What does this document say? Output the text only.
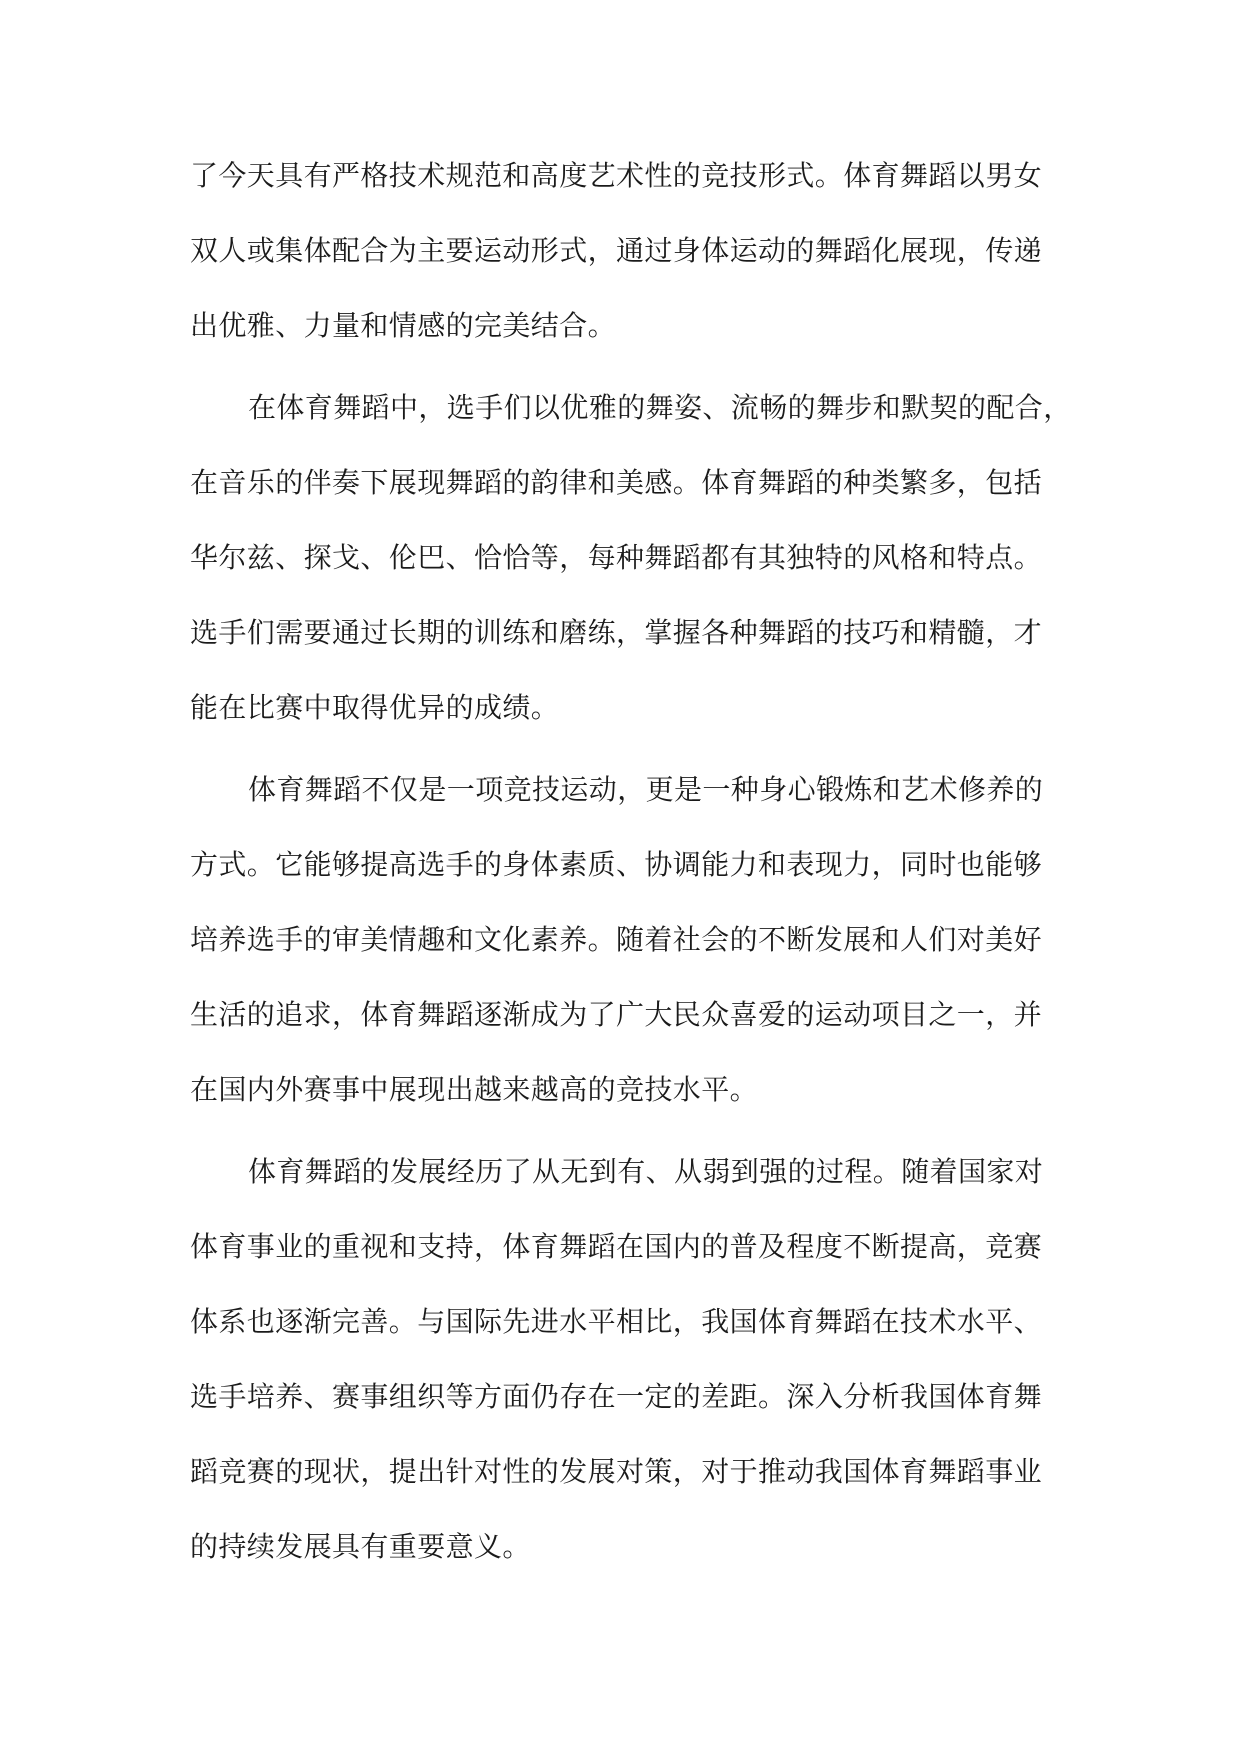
了今天具有严格技术规范和高度艺术性的竞技形式。体育舞蹈以男女
双人或集体配合为主要运动形式，通过身体运动的舞蹈化展现，传递
出优雅、力量和情感的完美结合。
在体育舞蹈中，选手们以优雅的舞姿、流畅的舞步和默契的配合，
在音乐的伴奏下展现舞蹈的韵律和美感。体育舞蹈的种类繁多，包括
华尔兹、探戈、伦巴、恰恰等，每种舞蹈都有其独特的风格和特点。
选手们需要通过长期的训练和磨练，掌握各种舞蹈的技巧和精髓，才
能在比赛中取得优异的成绩。
体育舞蹈不仅是一项竞技运动，更是一种身心锻炼和艺术修养的
方式。它能够提高选手的身体素质、协调能力和表现力，同时也能够
培养选手的审美情趣和文化素养。随着社会的不断发展和人们对美好
生活的追求，体育舞蹈逐渐成为了广大民众喜爱的运动项目之一，并
在国内外赛事中展现出越来越高的竞技水平。
体育舞蹈的发展经历了从无到有、从弱到强的过程。随着国家对
体育事业的重视和支持，体育舞蹈在国内的普及程度不断提高，竞赛
体系也逐渐完善。与国际先进水平相比，我国体育舞蹈在技术水平、
选手培养、赛事组织等方面仍存在一定的差距。深入分析我国体育舞
蹈竞赛的现状，提出针对性的发展对策，对于推动我国体育舞蹈事业
的持续发展具有重要意义。
